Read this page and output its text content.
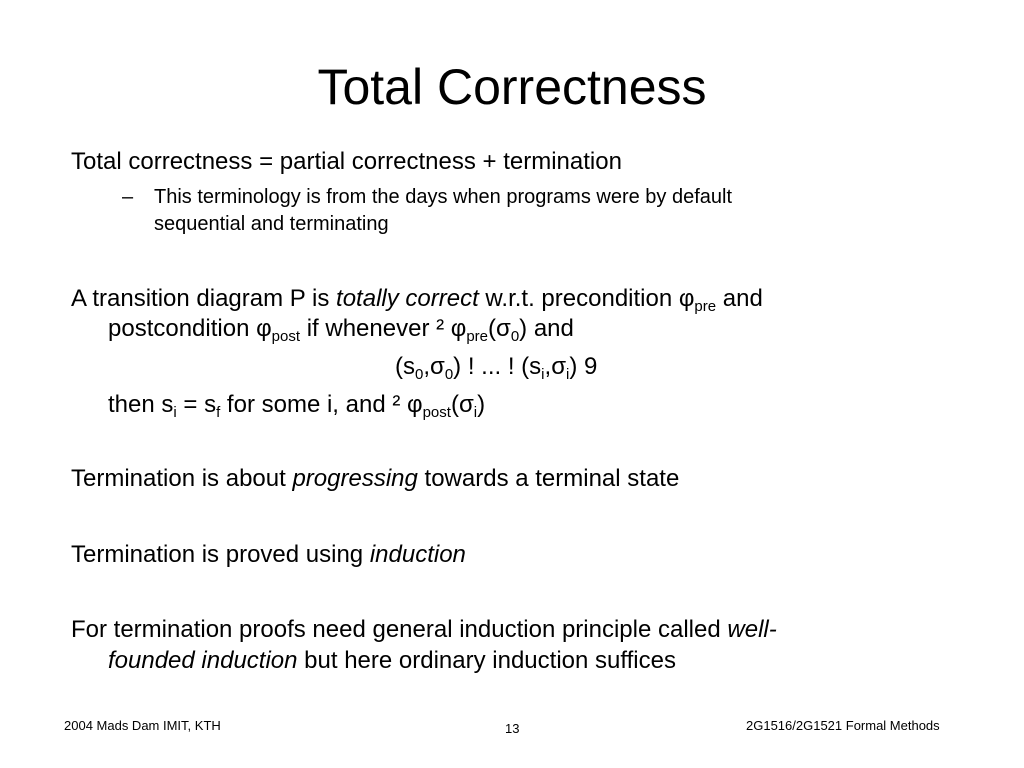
Total Correctness
Total correctness = partial correctness + termination
– This terminology is from the days when programs were by default
sequential and terminating
A transition diagram P is totally correct w.r.t. precondition $\varphi_{pre}$ and
postcondition $\varphi_{post}$ if whenever ² $\varphi_{pre}(\sigma_0)$ and
$(s_0,\sigma_0)$ ! ... ! $(s_i,\sigma_i)$ 9
then $s_i = s_f$ for some i, and ² $\varphi_{post}(\sigma_i)$
Termination is about progressing towards a terminal state
Termination is proved using induction
For termination proofs need general induction principle called well-
founded induction but here ordinary induction suffices
2004 Mads Dam IMIT, KTH	13	2G1516/2G1521 Formal Methods
